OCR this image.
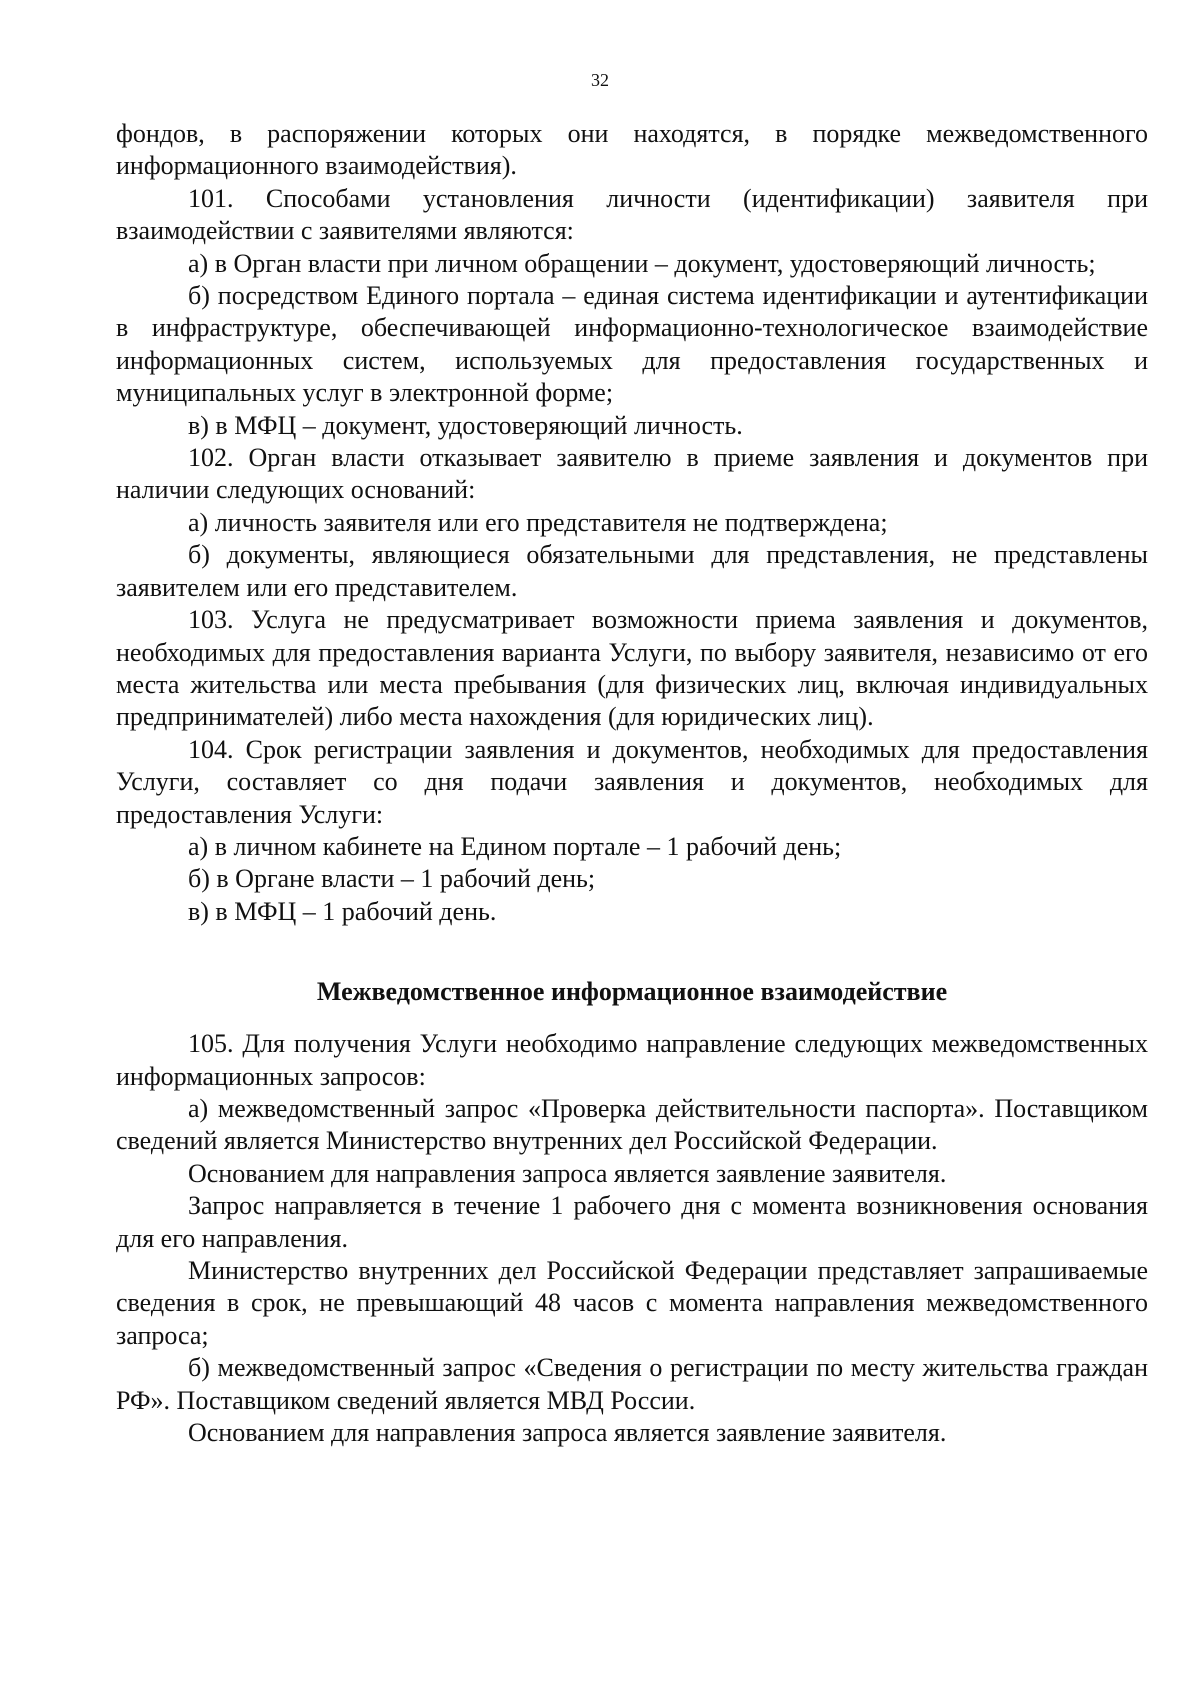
32

фондов, в распоряжении которых они находятся, в порядке межведомственного информационного взаимодействия).

101. Способами установления личности (идентификации) заявителя при взаимодействии с заявителями являются:

а) в Орган власти при личном обращении – документ, удостоверяющий личность;

б) посредством Единого портала – единая система идентификации и аутентификации в инфраструктуре, обеспечивающей информационно-технологическое взаимодействие информационных систем, используемых для предоставления государственных и муниципальных услуг в электронной форме;

в) в МФЦ – документ, удостоверяющий личность.

102. Орган власти отказывает заявителю в приеме заявления и документов при наличии следующих оснований:

а) личность заявителя или его представителя не подтверждена;

б) документы, являющиеся обязательными для представления, не представлены заявителем или его представителем.

103. Услуга не предусматривает возможности приема заявления и документов, необходимых для предоставления варианта Услуги, по выбору заявителя, независимо от его места жительства или места пребывания (для физических лиц, включая индивидуальных предпринимателей) либо места нахождения (для юридических лиц).

104. Срок регистрации заявления и документов, необходимых для предоставления Услуги, составляет со дня подачи заявления и документов, необходимых для предоставления Услуги:

а) в личном кабинете на Едином портале – 1 рабочий день;

б) в Органе власти – 1 рабочий день;

в) в МФЦ – 1 рабочий день.

Межведомственное информационное взаимодействие

105. Для получения Услуги необходимо направление следующих межведомственных информационных запросов:

а) межведомственный запрос «Проверка действительности паспорта». Поставщиком сведений является Министерство внутренних дел Российской Федерации.

Основанием для направления запроса является заявление заявителя.

Запрос направляется в течение 1 рабочего дня с момента возникновения основания для его направления.

Министерство внутренних дел Российской Федерации представляет запрашиваемые сведения в срок, не превышающий 48 часов с момента направления межведомственного запроса;

б) межведомственный запрос «Сведения о регистрации по месту жительства граждан РФ». Поставщиком сведений является МВД России.

Основанием для направления запроса является заявление заявителя.
